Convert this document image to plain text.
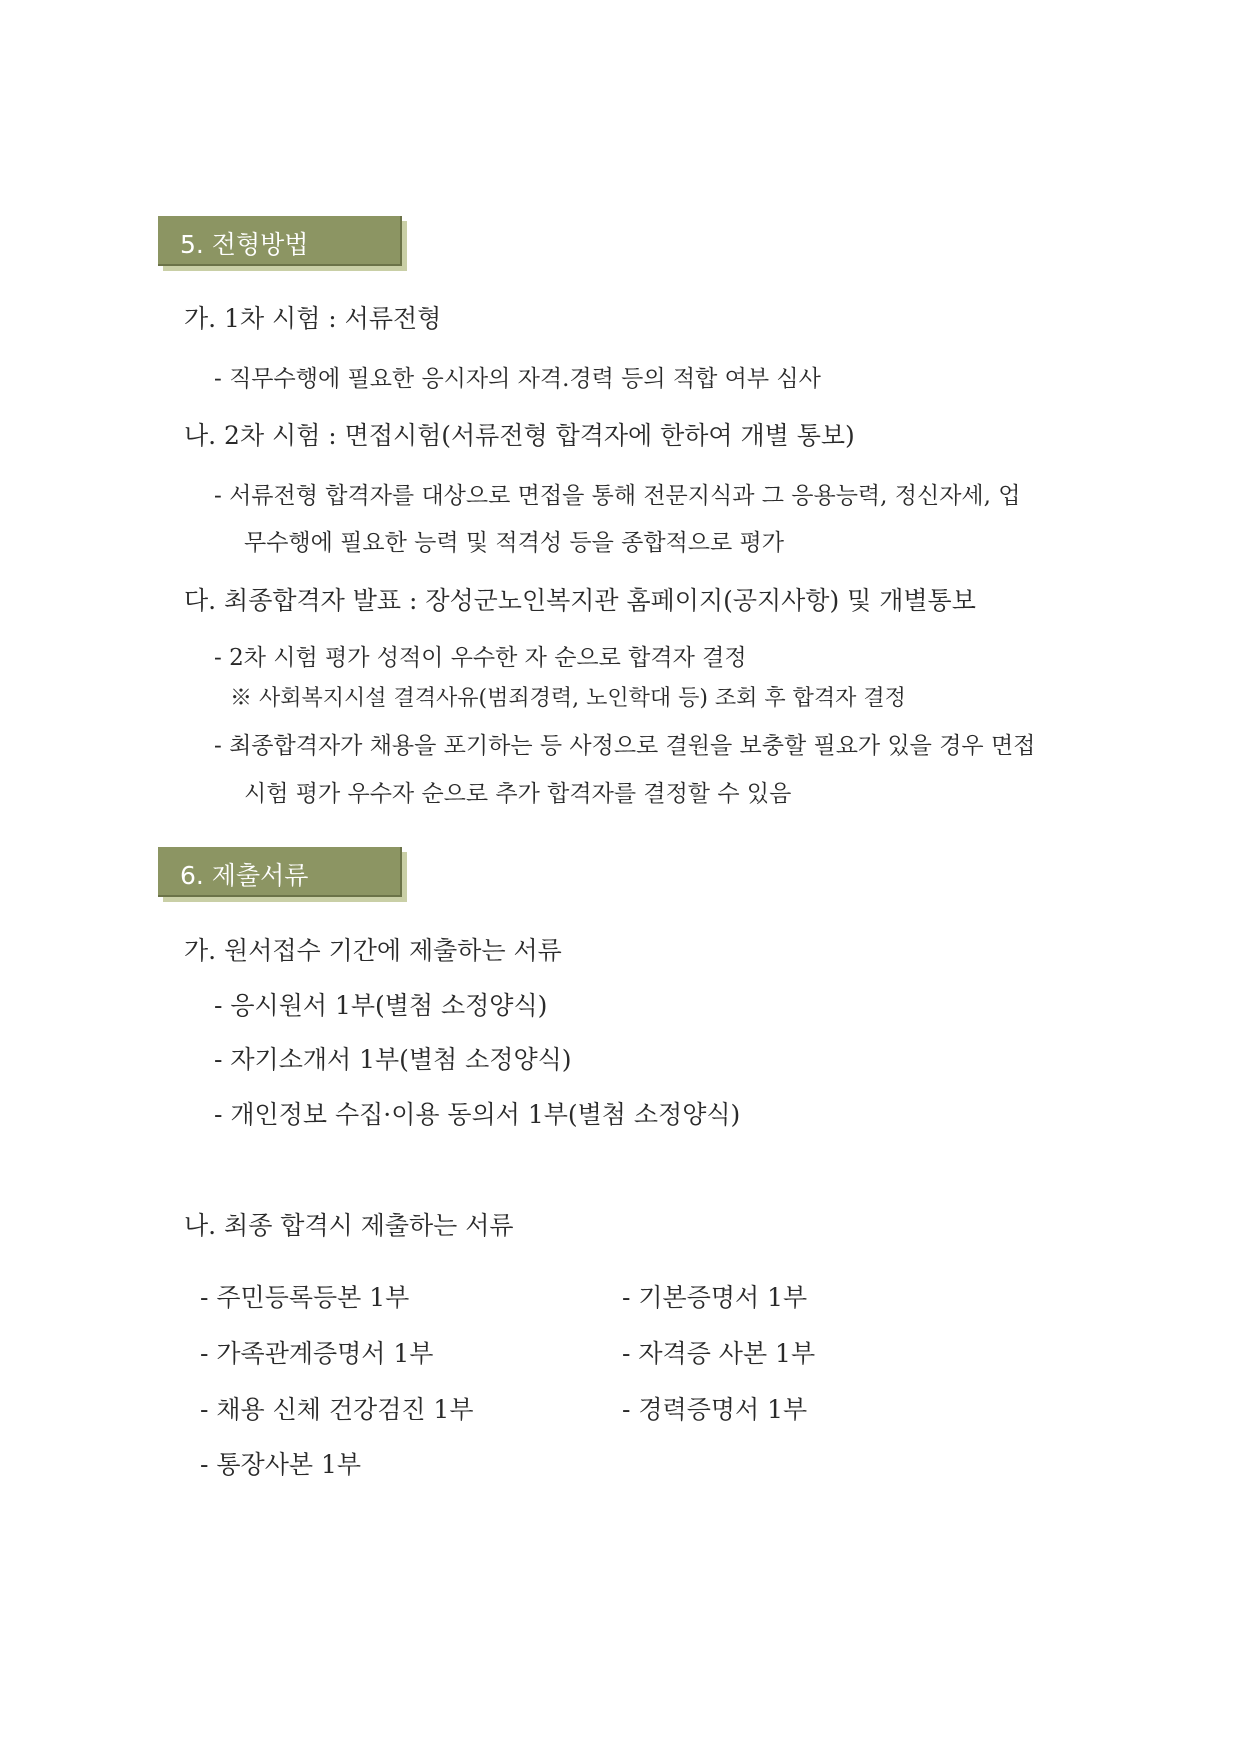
5. 전형방법
가. 1차 시험 : 서류전형
- 직무수행에 필요한 응시자의 자격.경력 등의 적합 여부 심사
나. 2차 시험 : 면접시험(서류전형 합격자에 한하여 개별 통보)
- 서류전형 합격자를 대상으로 면접을 통해 전문지식과 그 응용능력, 정신자세, 업
무수행에 필요한 능력 및 적격성 등을 종합적으로 평가
다. 최종합격자 발표 : 장성군노인복지관 홈페이지(공지사항) 및 개별통보
- 2차 시험 평가 성적이 우수한 자 순으로 합격자 결정
※ 사회복지시설 결격사유(범죄경력, 노인학대 등) 조회 후 합격자 결정
- 최종합격자가 채용을 포기하는 등 사정으로 결원을 보충할 필요가 있을 경우 면접
시험 평가 우수자 순으로 추가 합격자를 결정할 수 있음
6. 제출서류
가. 원서접수 기간에 제출하는 서류
- 응시원서 1부(별첨 소정양식)
- 자기소개서 1부(별첨 소정양식)
- 개인정보 수집·이용 동의서 1부(별첨 소정양식)
나. 최종 합격시 제출하는 서류
- 주민등록등본 1부
- 가족관계증명서 1부
- 채용 신체 건강검진 1부
- 통장사본 1부
- 기본증명서 1부
- 자격증 사본 1부
- 경력증명서 1부
